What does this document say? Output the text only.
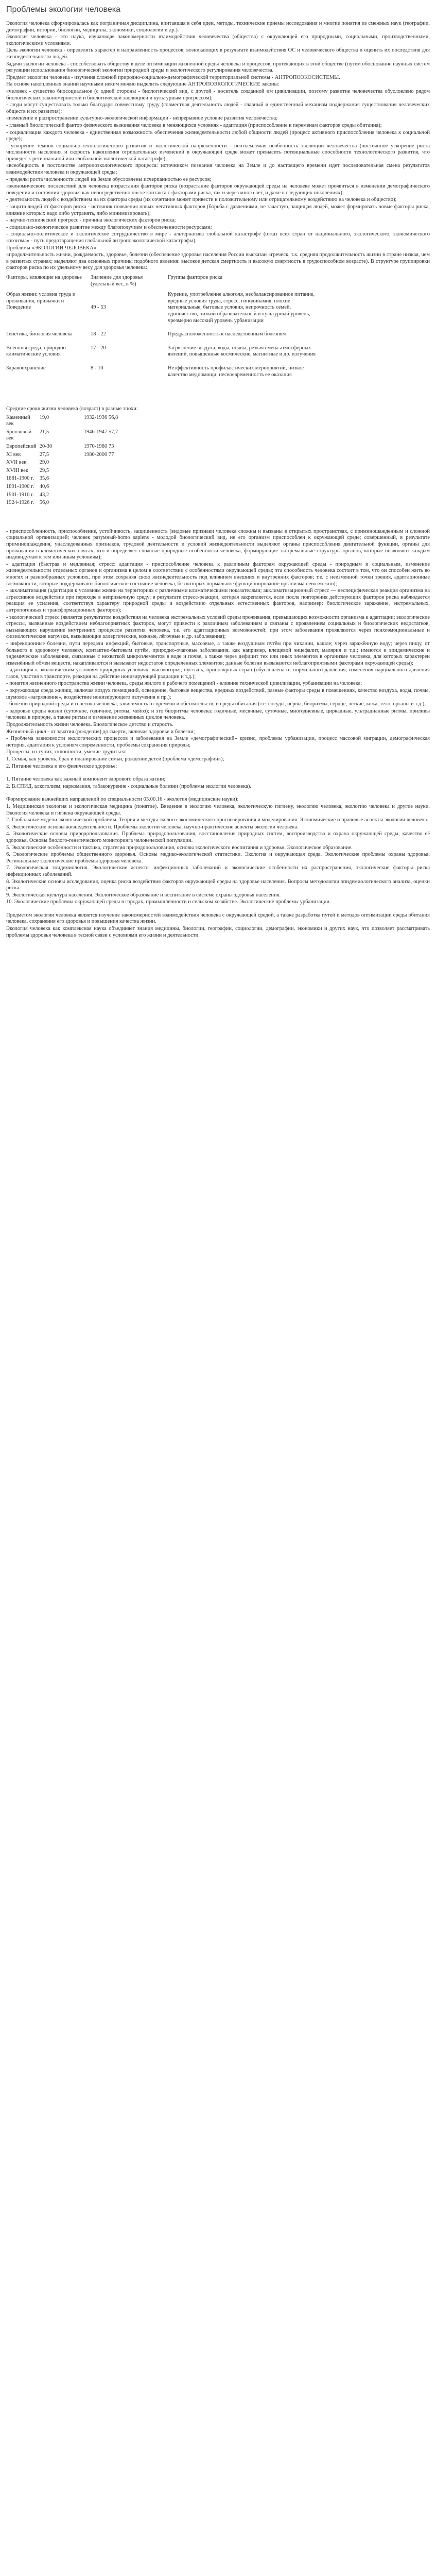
Проблемы экологии человека

Экология человека сформировалась как пограничная дисциплина, впитавшая в себя идеи, методы, технические приемы исследования и многие понятия из смежных наук (географии, демографии, истории, биологии, медицины, экономики, социологии и др.).

Экология человека - это наука, изучающая закономерности взаимодействия человечества (общества) с окружающей его природными, социальными, производственными, экологическими условиями.

Цель экологии человека - определить характер и направленность процессов, возникающих в результате взаимодействия ОС и человеческого общества и оценить их последствия для жизнедеятельности людей.

Задачи экологии человека - способствовать обществу в деле оптимизации жизненной среды человека и процессов, протекающих в этой обществе (путем обоснование научных систем регуляции использования биологической экологии природной среды и экологического регулирования человечества.

Предмет экологии человека - изучения сложной природно-социально-демографической территориальной системы - АНТРОПОЭКОСИСТЕМЫ.

На основе накопленных знаний научными неким можно выделить следующие АНТРОПОЭКОЛОГИЧЕСКИЕ законы:

«человек - существо биосоциальное (с одной стороны - биологический вид, с другой - носитель созданной им цивилизации, поэтому развитие человечества обусловлено рядом биологических закономерностей и биологической эволюцией и культурным прогрессом);

- люди могут существовать только благодаря совместному труду (совместная деятельность людей - главный и единственный механизм поддержания существования человеческих обществ и их развития);

«изменение и распространение культурно-экологической информации - непрерывное условие развития человечества;

- главный биологический фактор физического выживания человека в меняющихся условиях - адаптация (приспособление к переменам факторов среды обитания);

- социализация каждого человека - единственная возможность обеспечения жизнедеятельности любой общности людей (процесс активного приспособления человека к социальной среде);

- ускорение темпов социально-технологического развития и экологической напряженности - неотъемлемая особенность эволюции человечества (постоянное ускорение роста численности населения и скорость накопления отрицательных изменений в окружающей среде может превысить потенциальные способности технологического развития, что приведет к региональной или глобальной экологической катастрофе);

«всеобщность в постоянстве антропоэкологического процесса: источником познания человека на Земле и до настоящего времени идет последовательная смена результатов взаимодействия человека и окружающей среды;

- пределы роста численности людей на Земле обусловлены исчерпанностью ее ресурсов;

«экономического последствий для человека возрастания факторов риска (возрастание факторов окружающей среды на человеке может проявиться в изменении демографического поведения и состояния здоровья как непосредственно после контакта с факторами риска, так и через много лет, и даже в следующих поколениях);

- деятельность людей с воздействием на их факторы среды (их сочетание может привести к положительному или отрицательному воздействию на человека и общество);

- защита людей от факторов риска - источник появления новых негативных факторов (борьба с давлениями, не зачастую, защищая людей, может формировать новые факторы риска, влияние которых надо либо устранять, либо минимизировать);

- научно-технический прогресс - причина экологических факторов риска;

- социально-экологическое развитие между благополучием и обеспеченности ресурсами;

- социально-политическое и экологическое сотрудничество в мире - альтернатива глобальной катастрофе (отказ всех стран от национального, экологического, экономического «эгоизма» - путь предотвращения глобальной антропоэкологической катастрофы).

Проблемы «ЭКОЛОГИИ ЧЕЛОВЕКА»

«продолжительность жизни, рождаемость, здоровье, болезни (обеспечение здоровья населения России высказан «греческ, т.к. средняя продолжительность жизни в стране низкая, чем в развитых странах; выделяют два основных причины подобного явления: высокое детская смертность и высокую смертность в трудоспособном возрасте). В структуре группировки факторов риска по их удельному весу для здоровья человека:

Факторы, влияющие на здоровье	Значение для здоровья (удельный вес, в %)	Группы факторов риска
Образ жизни: условия труда и проживания, привычки и Поведение	49 - 53	Курение, употребление алкоголя, несбалансированное питание, вредные условия труда, стресс, гиподинамия, плохие материальные, бытовые условия, непрочность семей, одиночество, низкий образовательный и культурный уровень, чрезмерно высокий уровень урбанизации
Генетика, биология человека	18 - 22	Предрасположенность к наследственным болезням
Внешняя среда, природно-климатические условия	17 - 20	Загрязнение воздуха, воды, почвы, резкая смена атмосферных явлений, повышенные космические, магнитные и др. излучения
Здравоохранение	8 - 10	Неэффективность профилактических мероприятий, низкое качество медпомощи, несвоевременность ее оказания

Средние сроки жизни человека (возраст) в разные эпохи:

Каменный век	19,0	1932-1936 56,8
Бронзовый век	21,5	1946-1947 57,7
Европейский	20-30	1970-1980 73
XI век	27,5	1980-2000 77
XVII век	29,0	
XVIII век	29,5	
1881-1900 г.	35,6	
1891-1900 г.	40,6	
1901-1910 г.	43,2	
1924-1926 г.	56,0	

- приспособленность, приспособление, устойчивость, защищенность (видовые признаки человека сложны и вызваны в открытых пространствах, с приминошажденным и сложной социальной организацией; человек разумный-homo sapiens - молодой биологический вид, не его организм приспособлен к окружающей среде; совершенный, в результате приминошаждения, унаследованных признаков, трудовой деятельности и условий жизнедеятельности выделяют органы приспособления двигательной функции, органы для проживания в климатических поясах; что и определяет сложные природные особенности человека, формирующие экстремальные структуры органов, которые позволяют каждым индивидумам к тем или иным условиям);

- адаптация (быстрая и медленная; стресс: адаптация - приспособление человека к различным факторам окружающей среды - природным и социальным, изменение жизнедеятельности отдельных органов и организма в целом в соответствии с особенностями окружающей среды; эта способность человека состоит в том, что он способен жить во многих и разнообразных условиях, при этом сохраняя свою жизнедеятельность под влиянием внешних и внутренних факторов; т.е. с неизменной точки зрения, адаптационные возможности, которые поддерживают биологическое состояние человека, без которых нормальное функционирование организма невозможно);

- акклиматизация (адаптация к условиям жизни на территориях с различными климатическими показателями; акклиматизационный стресс — неспецифическая реакция организма на агрессивное воздействие при переходе в непривычную среду; в результате стресс-реакции, которая закрепляется, если после повторения действующих факторов риска наблюдается реакция ее усиления, соответствуя характеру природной среды и воздействию отдельных естественных факторов, например: биологическое заражение, экстремальных, антропогенных и трансформационных факторов);

- экологический стресс (является результатом воздействия на человека экстремальных условий среды проживания, превышающих возможности организма к адаптации; экологические стрессы, вызванные воздействием неблагоприятных факторов, могут привести к различным заболеваниям и связаны с проявлением социальных и биологических недостатков, вызывающих нарушение внутренних процессов развития человека, т.е. его адаптационных возможностей; при этом заболевания проявляются через психоэмоциональные и физиологические нагрузки, вызывающие аллергические, кожные, лёгочные и др. заболевания);

- инфекционные болезни, пути передачи инфекций, бытовые, транспортные, массовые, а также воздушным путём при чихании, кашле; через заражённую воду; через пищу, от больного к здоровому человеку, контактно-бытовым путём, природно-очаговые заболевания, как например, клещевой энцефалит, малярия и т.д.; имеются и эпидемические и эндемические заболевания, связанные с нехваткой микроэлементов в воде и почве, а также через дефицит тех или иных элементов в организме человека, для которых характерен изменённый обмен веществ, накапливаются и вызывают недостаток определённых элементов; данные болезни вызываются неблагоприятными факторами окружающей среды);

- адаптация к экологическим условиям природных условиях: высокогорья, пустынь, приполярных стран (обусловлена от нормального давления; изменения парциального давления газов, участия в транспорте, реакция на действие ионизирующей радиации и т.д.);

- понятия жизненного пространства жизни человека, среды жилого и рабочего помещений - влияние технической цивилизации, урбанизации на человека;

- окружающая среда жилищ, включая воздух помещений, освещение, бытовые вещества, вредных воздействий, разные факторы среды в помещениях, качество воздуха, воды, почвы, шумовое «загрязнение», воздействие ионизирующего излучения и пр.);

- болезни природной среды и генетика человека, зависимость от времени и обстоятельств, и среды обитания (т.е. сосуды, нервы, биоритмы, сердце, легкие, кожа, тело, органы и т.д.);

- здоровье среды жизни (суточное, годичное, ритмы, мейоз); и это биоритмы человека: годичные, месячные, суточные, многодневные, циркадные, ультрадианные ритмы, приливы человека в природе, а также ритмы и изменение жизненных циклов человека.

Продолжительность жизни человека. Биологическое детство и старость.

Жизненный цикл - от зачатия (рождения) до смерти, включая здоровье и болезни;

- Проблема зависимости экологических процессов и заболевания на Земле «демографический» кризис, проблемы урбанизации, процесс массовой миграции, демографическая история, адаптация к условиям современности, проблемы сохранения природы;

Процессы, из тупих, склонности, умение трудиться:

1. Семья, как уровень, брак и планирование семьи, рождение детей (проблема «демографии»);

2. Питание человека и его физическое здоровье;

1. Питание человека как важный компонент здорового образа жизни;

2. В.СПИД, алкоголизм, наркомания, табакокурение - социальные болезни (проблемы экологии человека).

Формирование важнейших направлений по специальности 03.00.16 - экология (медицинские науки):

1. Медицинская экология и экологическая медицина (понятие). Введение в экологию человека, экологическую гигиену, экологию человека, экологию человека и другие науки. Экология человека и гигиена окружающей среды.

2. Глобальные модели экологической проблемы. Теория и методы эколого-экономического прогнозирования и моделирования. Экономические и правовые аспекты экологии человека.

3. Экологические основы жизнедеятельности. Проблемы экологии человека, научно-практические аспекты экологии человека.

4. Экологические основы природопользования. Проблема природопользования, восстановления природных систем, воспроизводства и охрана окружающей среды, качество её здоровья. Основы биолого-генетического мониторинга человеческой популяции.

5. Экологические особенности и тактика, стратегия природопользования, основы экологического воспитания и здоровья. Экологическое образование.

6. Экологические проблемы общественного здоровья. Основы медико-экологической статистики. Экология и окружающая среда. Экологические проблемы охраны здоровья. Региональные экологические проблемы здоровья человека.

7. Экологическая эпидемиология. Экологические аспекты инфекционных заболеваний и экологические особенности их распространения, экологические факторы риска инфекционных заболеваний.

8. Экологические основы исследования, оценка риска воздействия факторов окружающей среды на здоровье населения. Вопросы методологии эпидемиологического анализа, оценки риска.

9. Экологическая культура населения. Экологическое образование и воспитание в системе охраны здоровья населения.

10. Экологические проблемы окружающей среды в городах, промышленности и сельском хозяйстве. Экологические проблемы урбанизации.

Предметом экологии человека является изучение закономерностей взаимодействия человека с окружающей средой, а также разработка путей и методов оптимизации среды обитания человека, сохранения его здоровья и повышения качества жизни.

Экология человека как комплексная наука объединяет знания медицины, биологии, географии, социологии, демографии, экономики и других наук, что позволяет рассматривать проблемы здоровья человека в тесной связи с условиями его жизни и деятельности.
